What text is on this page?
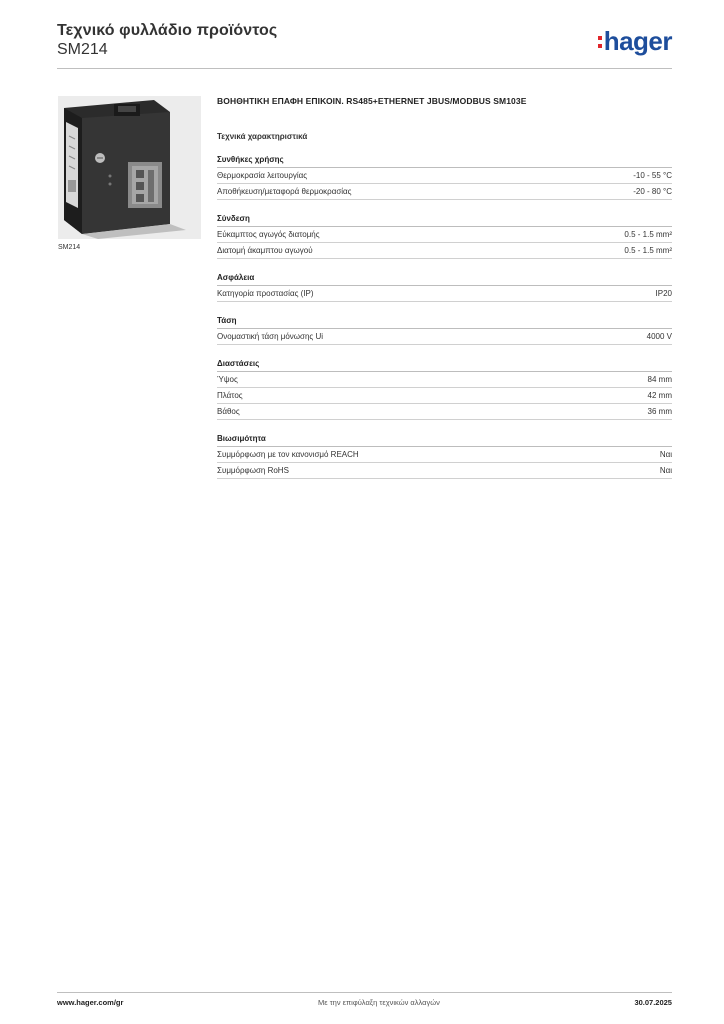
Τεχνικό φυλλάδιο προϊόντος
SM214	hager
SM214
ΒΟΗΘΗΤΙΚΗ ΕΠΑΦΗ ΕΠΙΚΟΙΝ. RS485+ETHERNET JBUS/MODBUS SM103E
Τεχνικά χαρακτηριστικά
Συνθήκες χρήσης
Θερμοκρασία λειτουργίας	-10 - 55 °C
Αποθήκευση/μεταφορά θερμοκρασίας	-20 - 80 °C
Σύνδεση
Εύκαμπτος αγωγός διατομής	0.5 - 1.5 mm²
Διατομή άκαμπτου αγωγού	0.5 - 1.5 mm²
Ασφάλεια
Κατηγορία προστασίας (IP)	IP20
Τάση
Ονομαστική τάση μόνωσης Ui	4000 V
Διαστάσεις
Ύψος	84 mm
Πλάτος	42 mm
Βάθος	36 mm
Βιωσιμότητα
Συμμόρφωση με τον κανονισμό REACH	Ναι
Συμμόρφωση RoHS	Ναι
www.hager.com/gr	Με την επιφύλαξη τεχνικών αλλαγών	30.07.2025
